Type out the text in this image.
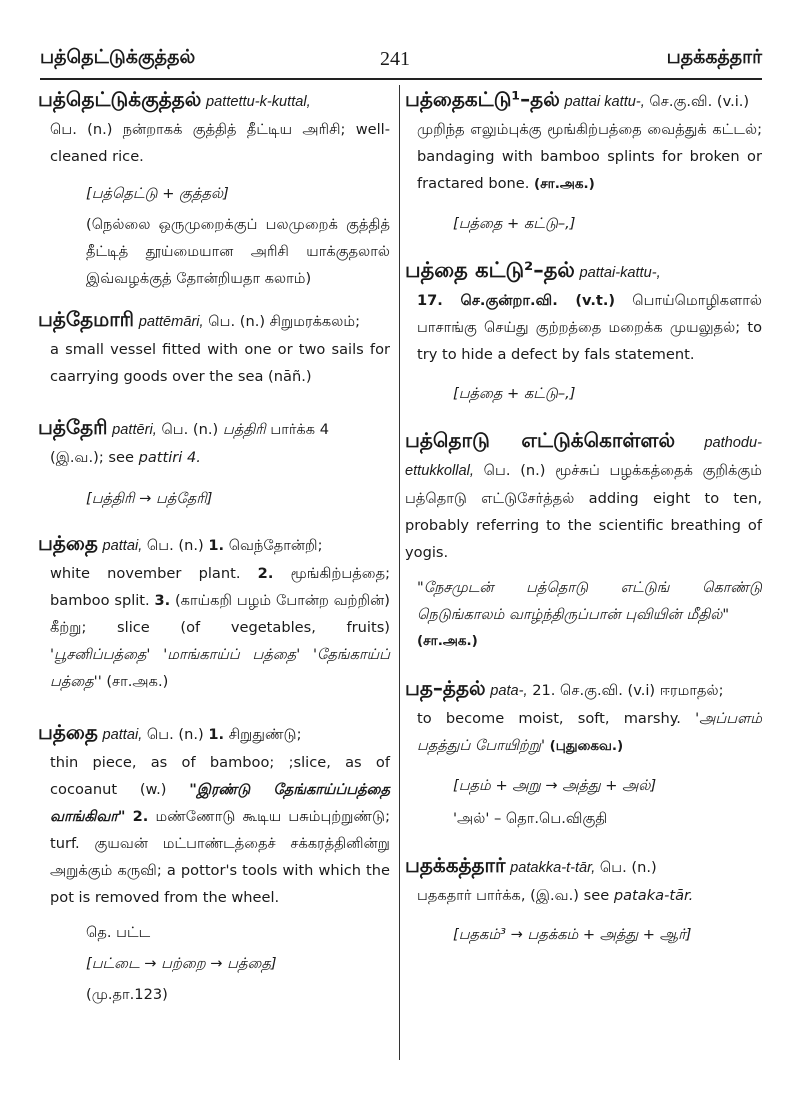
பத்தெட்டுக்குத்தல்	241	பதக்கத்தார்
பத்தெட்டுக்குத்தல் pattettu-k-kuttal,
பெ. (n.) நன்றாகக் குத்தித் தீட்டிய அரிசி; well-cleaned rice.
[பத்தெட்டு + குத்தல்]
(நெல்லை ஒருமுறைக்குப் பலமுறைக் குத்தித் தீட்டித் தூய்மையான அரிசி யாக்குதலால் இவ்வழக்குத் தோன்றியதா கலாம்)
பத்தேமாரி pattēmāri, பெ. (n.) சிறுமரக்கலம்;
a small vessel fitted with one or two sails for caarrying goods over the sea (nāñ.)
பத்தேரி pattēri, பெ. (n.) பத்திரி பார்க்க 4
(இ.வ.); see pattiri 4.
[பத்திரி → பத்தேரி]
பத்தை pattai, பெ. (n.) 1. வெந்தோன்றி;
white november plant. 2. மூங்கிற்பத்தை; bamboo split. 3. (காய்கறி பழம் போன்ற வற்றின்) கீற்று; slice (of vegetables, fruits) 'பூசனிப்பத்தை' 'மாங்காய்ப் பத்தை' 'தேங்காய்ப் பத்தை'' (சா.அக.)
பத்தை pattai, பெ. (n.) 1. சிறுதுண்டு;
thin piece, as of bamboo; ;slice, as of cocoanut (w.) "இரண்டு தேங்காய்ப்பத்தை வாங்கிவா" 2. மண்ணோடு கூடிய பசும்புற்றுண்டு; turf. குயவன் மட்பாண்டத்தைச் சக்கரத்தினின்று அறுக்கும் கருவி; a pottor's tools with which the pot is removed from the wheel.
தெ. பட்ட
[பட்டை → பற்றை → பத்தை]
(மு.தா.123)
பத்தைகட்டு¹–தல் pattai kattu-, செ.கு.வி. (v.i.)
முறிந்த எலும்புக்கு மூங்கிற்பத்தை வைத்துக் கட்டல்; bandaging with bamboo splints for broken or fractared bone. (சா.அக.)
[பத்தை + கட்டு–,]
பத்தை கட்டு²–தல் pattai-kattu-,
17. செ.குன்றா.வி. (v.t.) பொய்மொழிகளால் பாசாங்கு செய்து குற்றத்தை மறைக்க முயலுதல்; to try to hide a defect by fals statement.
[பத்தை + கட்டு–,]
பத்தொடு எட்டுக்கொள்ளல் pathodu-ettukkollal, பெ. (n.) மூச்சுப் பழக்கத்தைக் குறிக்கும் பத்தொடு எட்டுசேர்த்தல் adding eight to ten, probably referring to the scientific breathing of yogis.
"நேசமுடன் பத்தொடு எட்டுங் கொண்டு நெடுங்காலம் வாழ்ந்திருப்பான் புவியின் மீதில்"
(சா.அக.)
பத–த்தல் pata-, 21. செ.கு.வி. (v.i) ஈரமாதல்;
to become moist, soft, marshy. 'அப்பளம் பதத்துப் போயிற்று' (புதுகைவ.)
[பதம் + அறு → அத்து + அல்]
'அல்' – தொ.பெ.விகுதி
பதக்கத்தார் patakka-t-tār, பெ. (n.)
பதகதார் பார்க்க, (இ.வ.) see pataka-tār.
[பதகம்³ → பதக்கம் + அத்து + ஆர்]
